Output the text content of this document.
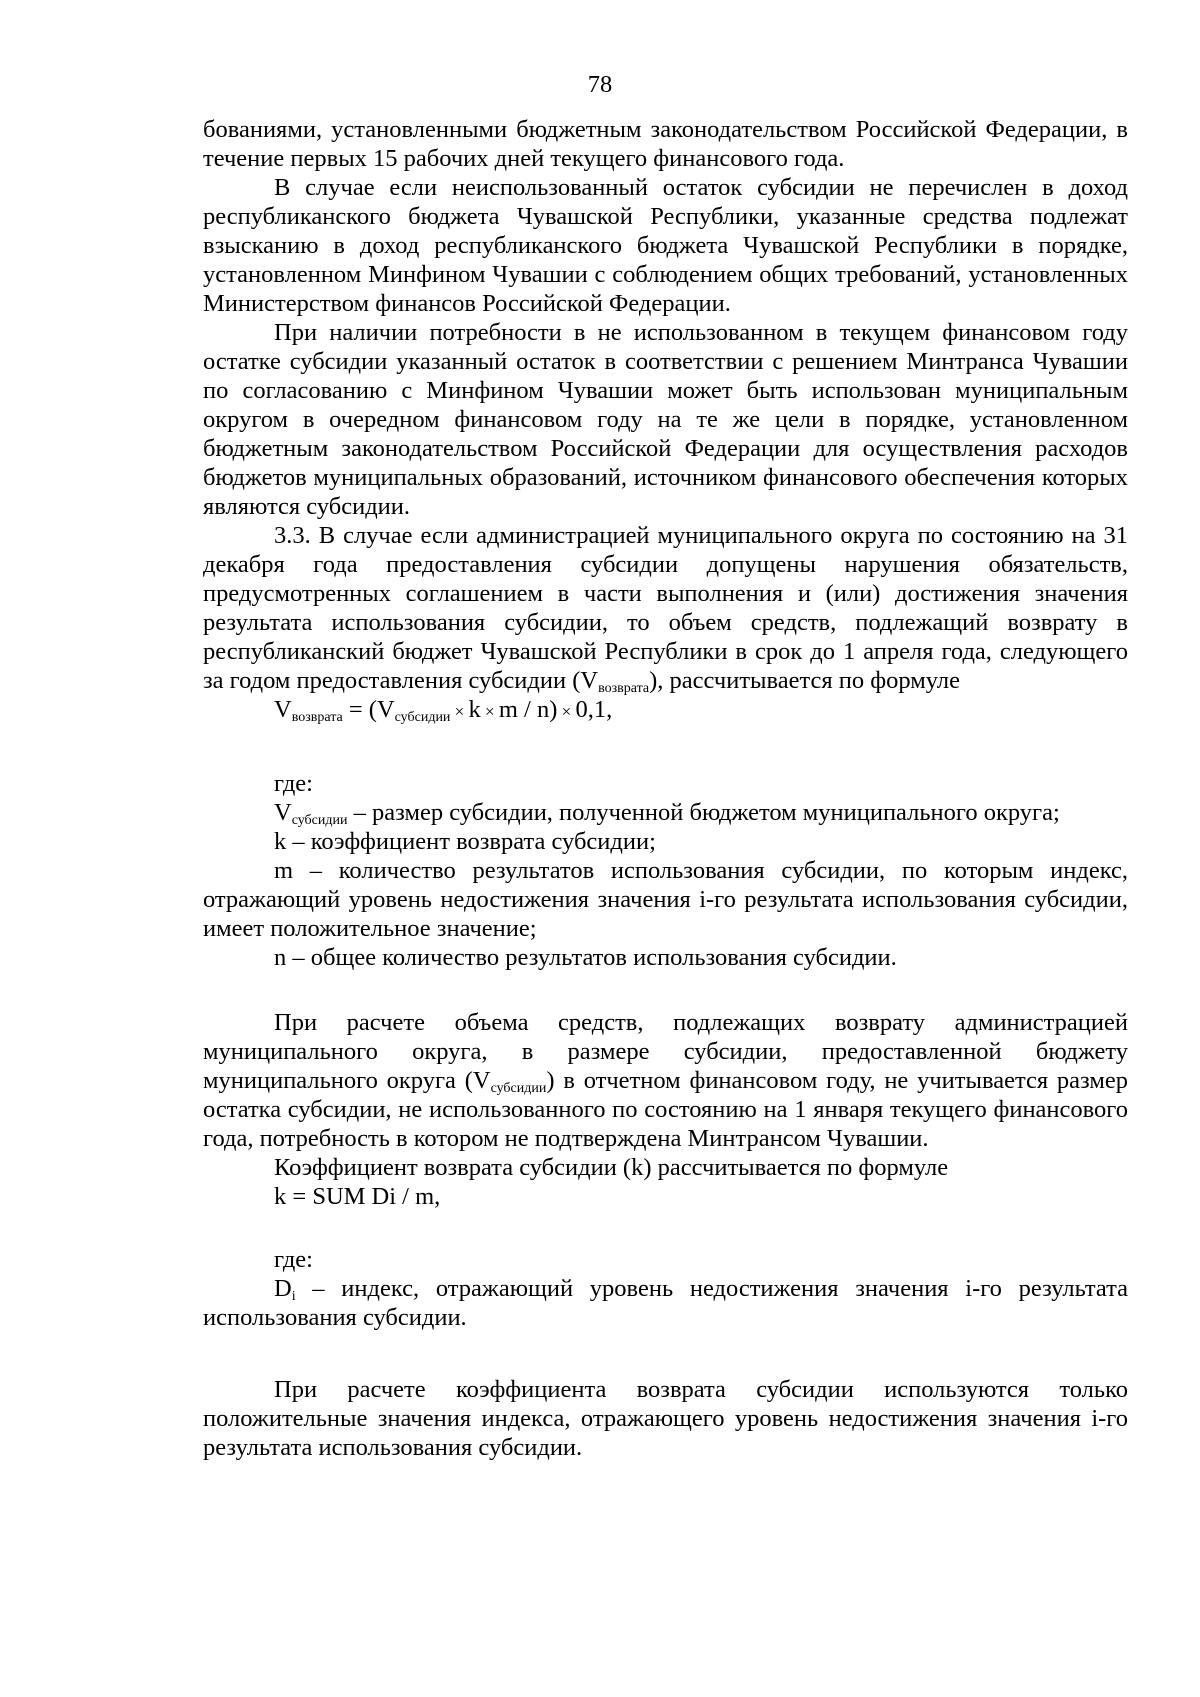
78

бованиями, установленными бюджетным законодательством Российской Федерации, в течение первых 15 рабочих дней текущего финансового года.

В случае если неиспользованный остаток субсидии не перечислен в доход республиканского бюджета Чувашской Республики, указанные средства подлежат взысканию в доход республиканского бюджета Чувашской Республики в порядке, установленном Минфином Чувашии с соблюдением общих требований, установленных Министерством финансов Российской Федерации.

При наличии потребности в не использованном в текущем финансовом году остатке субсидии указанный остаток в соответствии с решением Минтранса Чувашии по согласованию с Минфином Чувашии может быть использован муниципальным округом в очередном финансовом году на те же цели в порядке, установленном бюджетным законодательством Российской Федерации для осуществления расходов бюджетов муниципальных образований, источником финансового обеспечения которых являются субсидии.

3.3. В случае если администрацией муниципального округа по состоянию на 31 декабря года предоставления субсидии допущены нарушения обязательств, предусмотренных соглашением в части выполнения и (или) достижения значения результата использования субсидии, то объем средств, подлежащий возврату в республиканский бюджет Чувашской Республики в срок до 1 апреля года, следующего за годом предоставления субсидии $(V_{возврата})$, рассчитывается по формуле

$V_{возврата} = (V_{субсидии} \times k \times m / n) \times 0,1$,

где:

$V_{субсидии}$ – размер субсидии, полученной бюджетом муниципального округа;

k – коэффициент возврата субсидии;

m – количество результатов использования субсидии, по которым индекс, отражающий уровень недостижения значения i-го результата использования субсидии, имеет положительное значение;

n – общее количество результатов использования субсидии.

При расчете объема средств, подлежащих возврату администрацией муниципального округа, в размере субсидии, предоставленной бюджету муниципального округа $(V_{субсидии})$ в отчетном финансовом году, не учитывается размер остатка субсидии, не использованного по состоянию на 1 января текущего финансового года, потребность в котором не подтверждена Минтрансом Чувашии.

Коэффициент возврата субсидии (k) рассчитывается по формуле

k = SUM Di / m,

где:

$D_i$ – индекс, отражающий уровень недостижения значения i-го результата использования субсидии.

При расчете коэффициента возврата субсидии используются только положительные значения индекса, отражающего уровень недостижения значения i-го результата использования субсидии.
